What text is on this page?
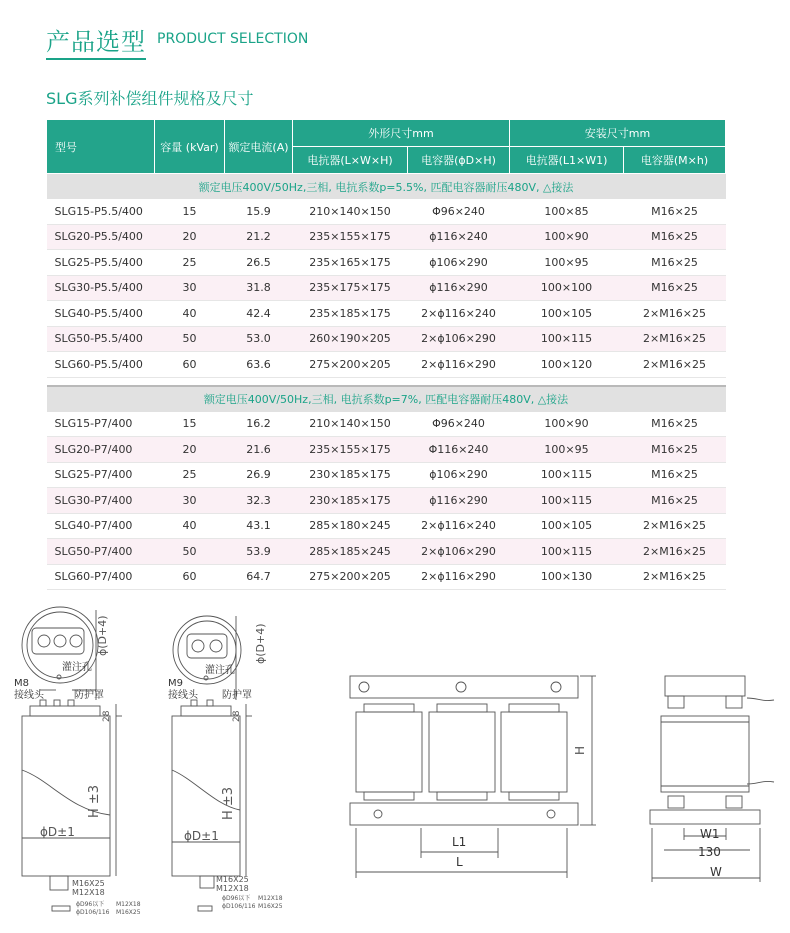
产品选型 PRODUCT SELECTION
SLG系列补偿组件规格及尺寸
型号	容量 (kVar)	额定电流(A)	外形尺寸mm		安装尺寸mm	
			电抗器(L×W×H)	电容器(ϕD×H)	电抗器(L1×W1)	电容器(M×h)
额定电压400V/50Hz,三相, 电抗系数p=5.5%, 匹配电容器耐压480V, △接法						
SLG15-P5.5/400	15	15.9	210×140×150	Φ96×240	100×85	M16×25
SLG20-P5.5/400	20	21.2	235×155×175	ϕ116×240	100×90	M16×25
SLG25-P5.5/400	25	26.5	235×165×175	ϕ106×290	100×95	M16×25
SLG30-P5.5/400	30	31.8	235×175×175	ϕ116×290	100×100	M16×25
SLG40-P5.5/400	40	42.4	235×185×175	2×ϕ116×240	100×105	2×M16×25
SLG50-P5.5/400	50	53.0	260×190×205	2×ϕ106×290	100×115	2×M16×25
SLG60-P5.5/400	60	63.6	275×200×205	2×ϕ116×290	100×120	2×M16×25

额定电压400V/50Hz,三相, 电抗系数p=7%, 匹配电容器耐压480V, △接法						
SLG15-P7/400	15	16.2	210×140×150	Φ96×240	100×90	M16×25
SLG20-P7/400	20	21.6	235×155×175	Φ116×240	100×95	M16×25
SLG25-P7/400	25	26.9	230×185×175	ϕ106×290	100×115	M16×25
SLG30-P7/400	30	32.3	230×185×175	ϕ116×290	100×115	M16×25
SLG40-P7/400	40	43.1	285×180×245	2×ϕ116×240	100×105	2×M16×25
SLG50-P7/400	50	53.9	285×185×245	2×ϕ106×290	100×115	2×M16×25
SLG60-P7/400	60	64.7	275×200×205	2×ϕ116×290	100×130	2×M16×25
灌注孔
M8
接线头	防护罩
ϕ(D+4)
28
H ±3
ϕD±1
M16X25
M12X18
ϕD96以下 M12X18
ϕD106/116 M16X25
灌注孔
M9
接线头 防护罩
ϕ(D+4)
28
H ±3
ϕD±1
M16X25
M12X18
ϕD96以下 M12X18
ϕD106/116 M16X25
H
L1
L
W1
130
W
